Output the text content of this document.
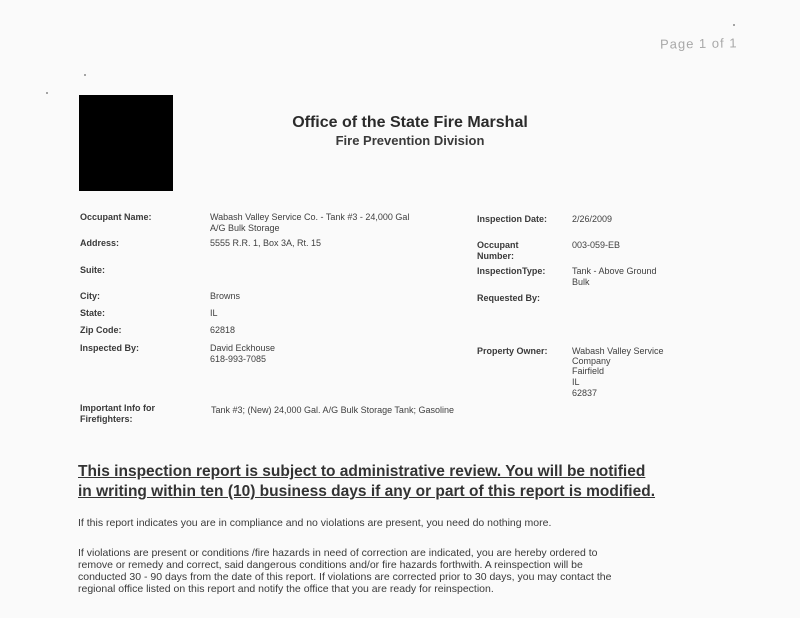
Page 1 of 1
Office of the State Fire Marshal
Fire Prevention Division
Occupant Name:
Address:
Suite:
City:
State:
Zip Code:
Inspected By:
Important Info for
Firefighters:
Wabash Valley Service Co. - Tank #3 - 24,000 Gal
A/G Bulk Storage
5555 R.R. 1, Box 3A, Rt. 15
Browns
IL
62818
David Eckhouse
618-993-7085
Tank #3; (New) 24,000 Gal. A/G Bulk Storage Tank; Gasoline
Inspection Date:
Occupant
Number:
InspectionType:
Requested By:
Property Owner:
2/26/2009
003-059-EB
Tank - Above Ground
Bulk
Wabash Valley Service
Company
Fairfield
IL
62837
This inspection report is subject to administrative review. You will be notified
in writing within ten (10) business days if any or part of this report is modified.
If this report indicates you are in compliance and no violations are present, you need do nothing more.
If violations are present or conditions /fire hazards in need of correction are indicated, you are hereby ordered to
remove or remedy and correct, said dangerous conditions and/or fire hazards forthwith. A reinspection will be
conducted 30 - 90 days from the date of this report. If violations are corrected prior to 30 days, you may contact the
regional office listed on this report and notify the office that you are ready for reinspection.
